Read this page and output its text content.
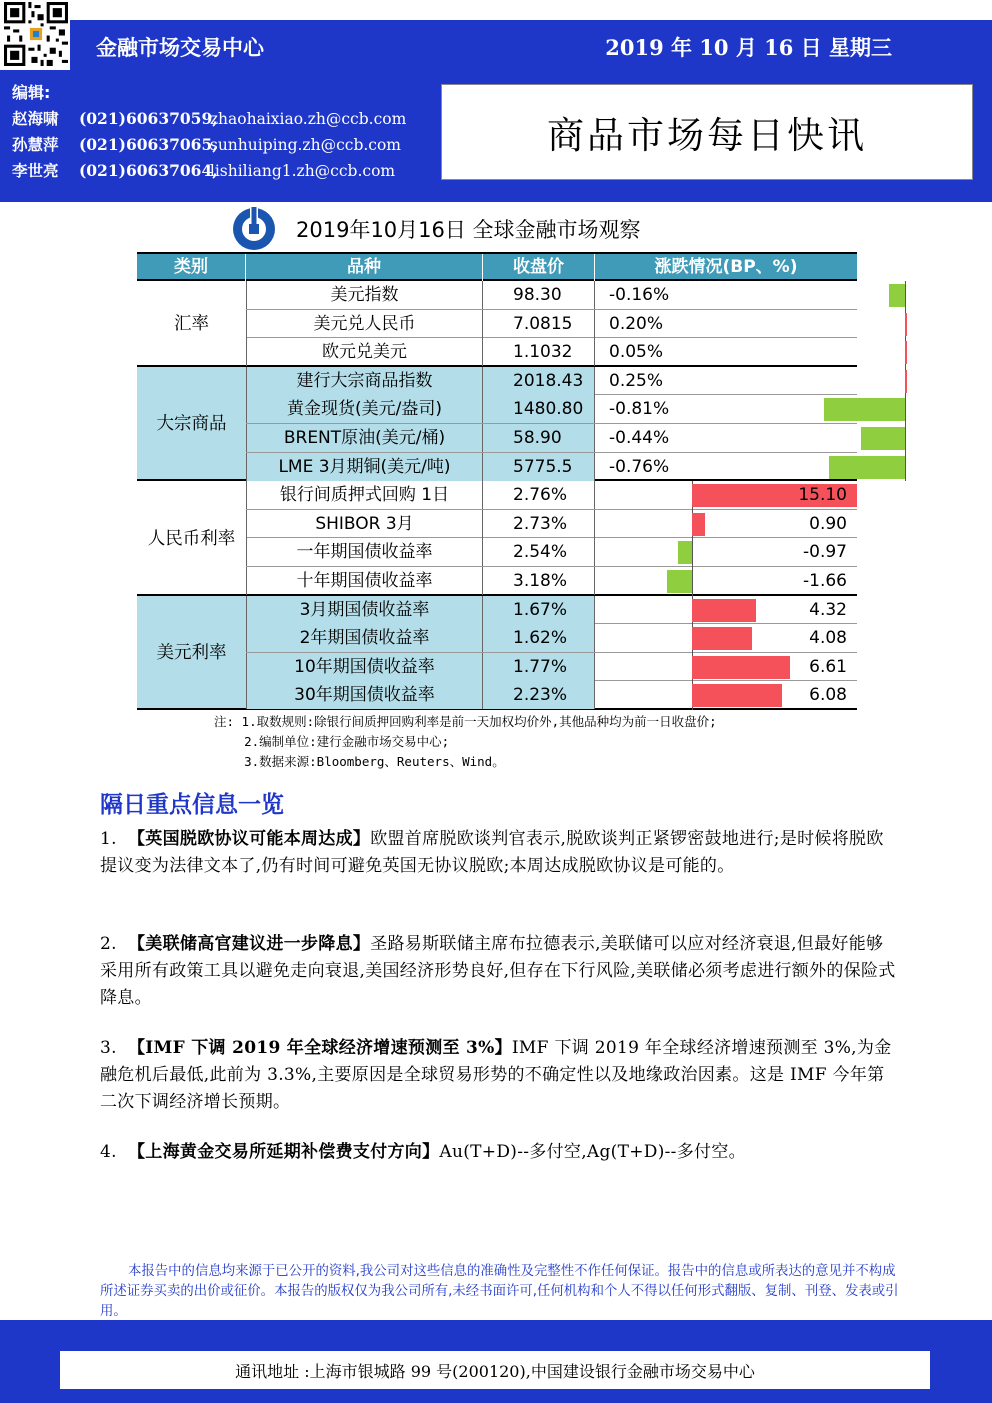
金融市场交易中心	2019 年 10 月 16 日 星期三
编辑:
赵海啸 (021)60637059, zhaohaixiao.zh@ccb.com
孙慧萍 (021)60637065, sunhuiping.zh@ccb.com
李世亮 (021)60637064, lishiliang1.zh@ccb.com
商品市场每日快讯
2019年10月16日 全球金融市场观察
类别	品种	收盘价	涨跌情况(BP、%)
汇率
美元指数	98.30	-0.16%
美元兑人民币	7.0815	0.20%
欧元兑美元	1.1032	0.05%
大宗商品
建行大宗商品指数	2018.43	0.25%
黄金现货(美元/盎司)	1480.80	-0.81%
BRENT原油(美元/桶)	58.90	-0.44%
LME 3月期铜(美元/吨)	5775.5	-0.76%
人民币利率
银行间质押式回购 1日	2.76%	15.10
SHIBOR 3月	2.73%	0.90
一年期国债收益率	2.54%	-0.97
十年期国债收益率	3.18%	-1.66
美元利率
3月期国债收益率	1.67%	4.32
2年期国债收益率	1.62%	4.08
10年期国债收益率	1.77%	6.61
30年期国债收益率	2.23%	6.08
注: 1.取数规则:除银行间质押回购利率是前一天加权均价外,其他品种均为前一日收盘价;
2.编制单位:建行金融市场交易中心;
3.数据来源:Bloomberg、Reuters、Wind。
隔日重点信息一览
1. 【英国脱欧协议可能本周达成】欧盟首席脱欧谈判官表示,脱欧谈判正紧锣密鼓地进行;是时候将脱欧提议变为法律文本了,仍有时间可避免英国无协议脱欧;本周达成脱欧协议是可能的。
2. 【美联储高官建议进一步降息】圣路易斯联储主席布拉德表示,美联储可以应对经济衰退,但最好能够采用所有政策工具以避免走向衰退,美国经济形势良好,但存在下行风险,美联储必须考虑进行额外的保险式降息。
3. 【IMF 下调 2019 年全球经济增速预测至 3%】IMF 下调 2019 年全球经济增速预测至 3%,为金融危机后最低,此前为 3.3%,主要原因是全球贸易形势的不确定性以及地缘政治因素。这是 IMF 今年第二次下调经济增长预期。
4. 【上海黄金交易所延期补偿费支付方向】Au(T+D)--多付空,Ag(T+D)--多付空。
本报告中的信息均来源于已公开的资料,我公司对这些信息的准确性及完整性不作任何保证。报告中的信息或所表达的意见并不构成所述证券买卖的出价或征价。本报告的版权仅为我公司所有,未经书面许可,任何机构和个人不得以任何形式翻版、复制、刊登、发表或引用。
通讯地址 :上海市银城路 99 号(200120),中国建设银行金融市场交易中心
